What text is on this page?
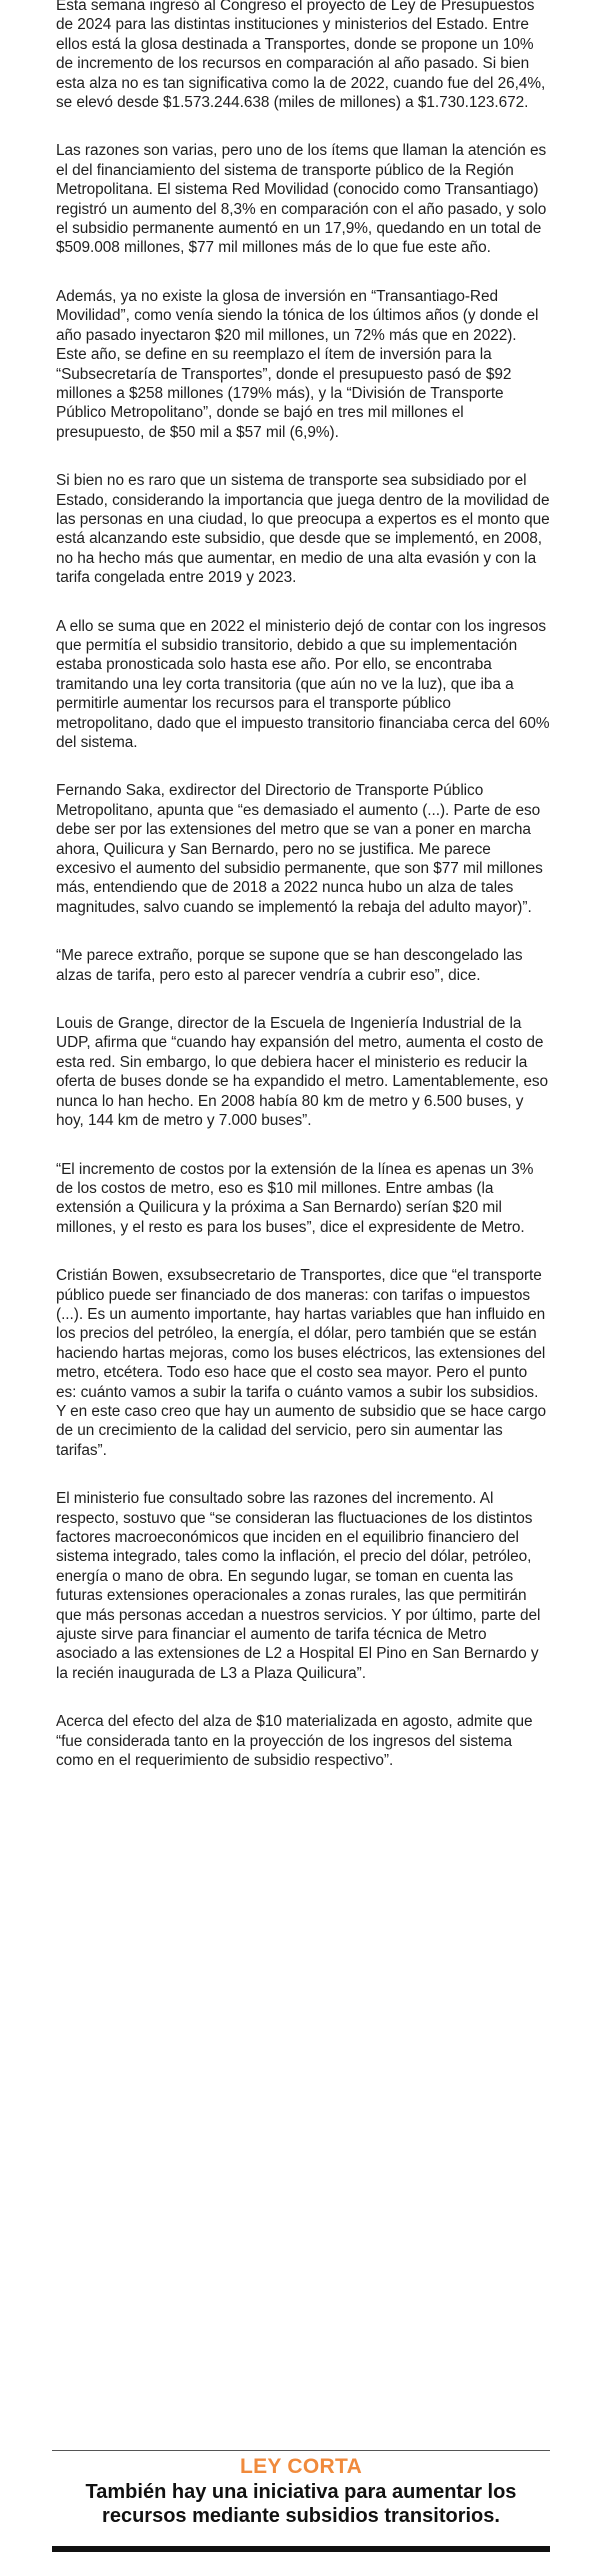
Esta semana ingresó al Congreso el proyecto de Ley de Presupuestos de 2024 para las distintas instituciones y ministerios del Estado. Entre ellos está la glosa destinada a Transportes, donde se propone un 10% de incremento de los recursos en comparación al año pasado. Si bien esta alza no es tan significativa como la de 2022, cuando fue del 26,4%, se elevó desde $1.573.244.638 (miles de millones) a $1.730.123.672.

Las razones son varias, pero uno de los ítems que llaman la atención es el del financiamiento del sistema de transporte público de la Región Metropolitana. El sistema Red Movilidad (conocido como Transantiago) registró un aumento del 8,3% en comparación con el año pasado, y solo el subsidio permanente aumentó en un 17,9%, quedando en un total de $509.008 millones, $77 mil millones más de lo que fue este año.

Además, ya no existe la glosa de inversión en “Transantiago-Red Movilidad”, como venía siendo la tónica de los últimos años (y donde el año pasado inyectaron $20 mil millones, un 72% más que en 2022). Este año, se define en su reemplazo el ítem de inversión para la “Subsecretaría de Transportes”, donde el presupuesto pasó de $92 millones a $258 millones (179% más), y la “División de Transporte Público Metropolitano”, donde se bajó en tres mil millones el presupuesto, de $50 mil a $57 mil (6,9%).

Si bien no es raro que un sistema de transporte sea subsidiado por el Estado, considerando la importancia que juega dentro de la movilidad de las personas en una ciudad, lo que preocupa a expertos es el monto que está alcanzando este subsidio, que desde que se implementó, en 2008, no ha hecho más que aumentar, en medio de una alta evasión y con la tarifa congelada entre 2019 y 2023.

A ello se suma que en 2022 el ministerio dejó de contar con los ingresos que permitía el subsidio transitorio, debido a que su implementación estaba pronosticada solo hasta ese año. Por ello, se encontraba tramitando una ley corta transitoria (que aún no ve la luz), que iba a permitirle aumentar los recursos para el transporte público metropolitano, dado que el impuesto transitorio financiaba cerca del 60% del sistema.

Fernando Saka, exdirector del Directorio de Transporte Público Metropolitano, apunta que “es demasiado el aumento (...). Parte de eso debe ser por las extensiones del metro que se van a poner en marcha ahora, Quilicura y San Bernardo, pero no se justifica. Me parece excesivo el aumento del subsidio permanente, que son $77 mil millones más, entendiendo que de 2018 a 2022 nunca hubo un alza de tales magnitudes, salvo cuando se implementó la rebaja del adulto mayor)”.

“Me parece extraño, porque se supone que se han descongelado las alzas de tarifa, pero esto al parecer vendría a cubrir eso”, dice.

Louis de Grange, director de la Escuela de Ingeniería Industrial de la UDP, afirma que “cuando hay expansión del metro, aumenta el costo de esta red. Sin embargo, lo que debiera hacer el ministerio es reducir la oferta de buses donde se ha expandido el metro. Lamentablemente, eso nunca lo han hecho. En 2008 había 80 km de metro y 6.500 buses, y hoy, 144 km de metro y 7.000 buses”.

“El incremento de costos por la extensión de la línea es apenas un 3% de los costos de metro, eso es $10 mil millones. Entre ambas (la extensión a Quilicura y la próxima a San Bernardo) serían $20 mil millones, y el resto es para los buses”, dice el expresidente de Metro.

Cristián Bowen, exsubsecretario de Transportes, dice que “el transporte público puede ser financiado de dos maneras: con tarifas o impuestos (...). Es un aumento importante, hay hartas variables que han influido en los precios del petróleo, la energía, el dólar, pero también que se están haciendo hartas mejoras, como los buses eléctricos, las extensiones del metro, etcétera. Todo eso hace que el costo sea mayor. Pero el punto es: cuánto vamos a subir la tarifa o cuánto vamos a subir los subsidios. Y en este caso creo que hay un aumento de subsidio que se hace cargo de un crecimiento de la calidad del servicio, pero sin aumentar las tarifas”.

El ministerio fue consultado sobre las razones del incremento. Al respecto, sostuvo que “se consideran las fluctuaciones de los distintos factores macroeconómicos que inciden en el equilibrio financiero del sistema integrado, tales como la inflación, el precio del dólar, petróleo, energía o mano de obra. En segundo lugar, se toman en cuenta las futuras extensiones operacionales a zonas rurales, las que permitirán que más personas accedan a nuestros servicios. Y por último, parte del ajuste sirve para financiar el aumento de tarifa técnica de Metro asociado a las extensiones de L2 a Hospital El Pino en San Bernardo y la recién inaugurada de L3 a Plaza Quilicura”.

Acerca del efecto del alza de $10 materializada en agosto, admite que “fue considerada tanto en la proyección de los ingresos del sistema como en el requerimiento de subsidio respectivo”.

LEY CORTA
También hay una iniciativa para aumentar los recursos mediante subsidios transitorios.
